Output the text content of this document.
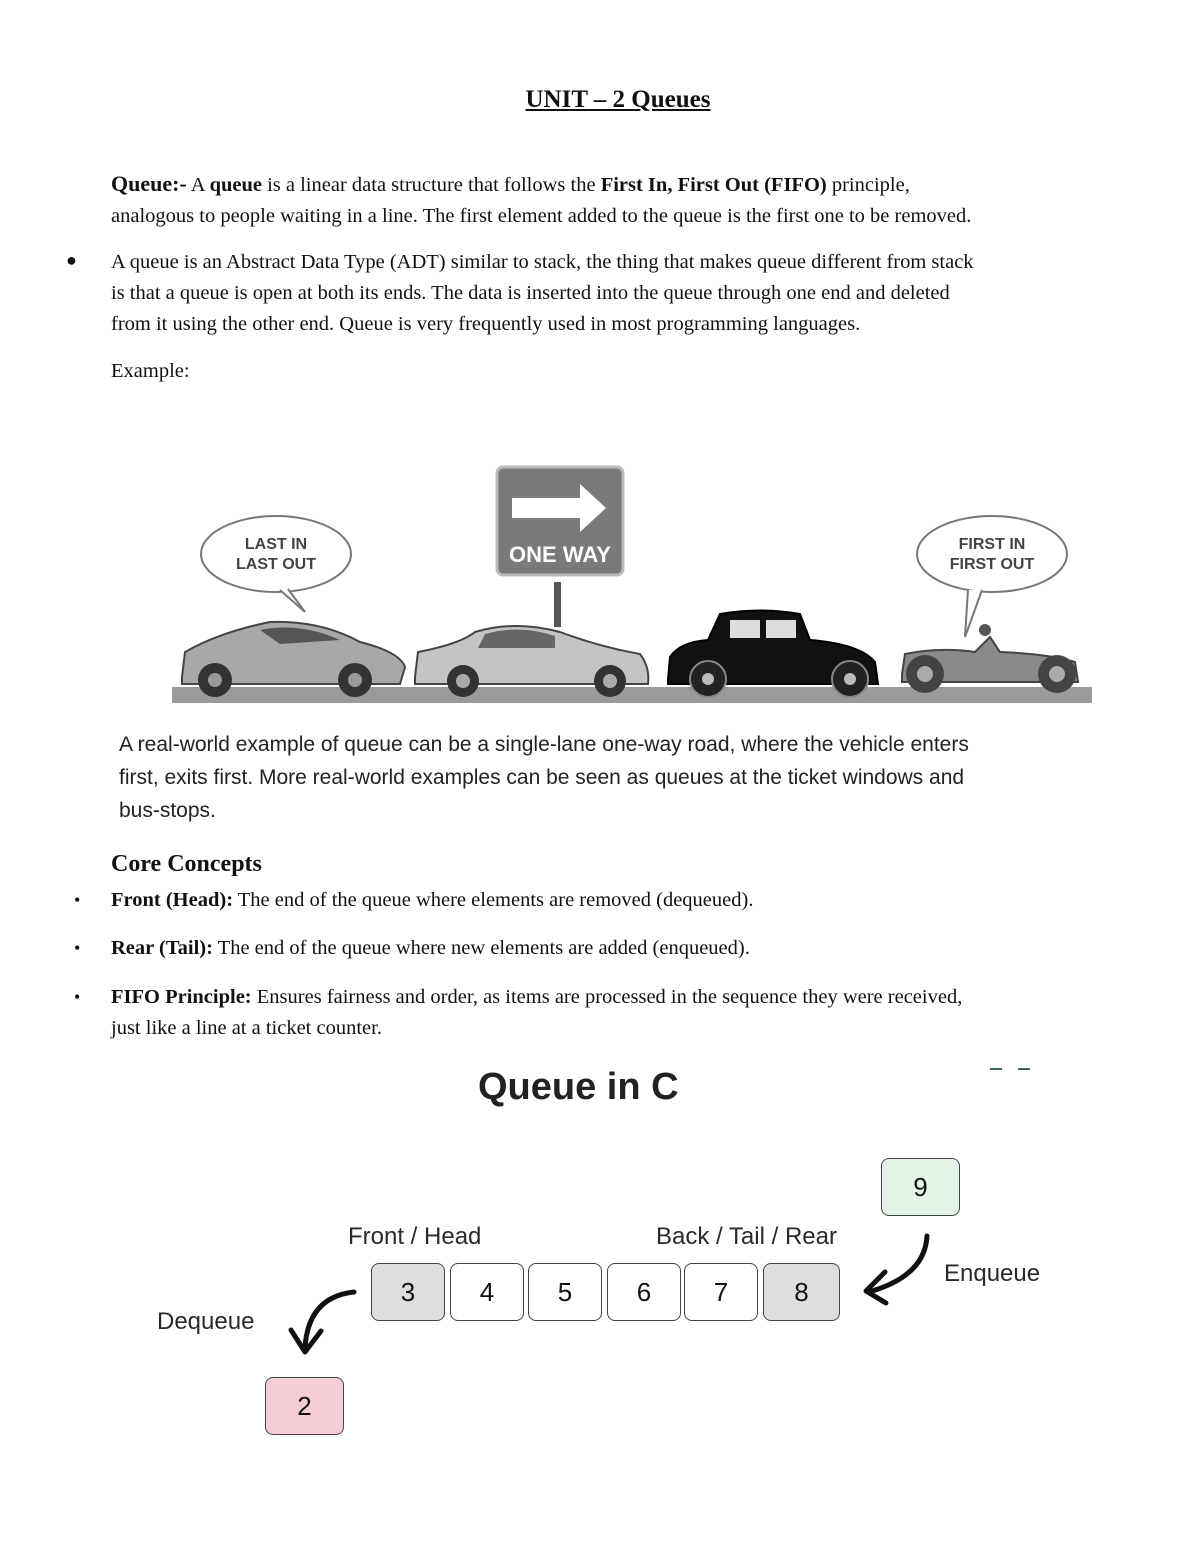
UNIT – 2 Queues
Queue:- A queue is a linear data structure that follows the First In, First Out (FIFO) principle,
analogous to people waiting in a line. The first element added to the queue is the first one to be removed.
● A queue is an Abstract Data Type (ADT) similar to stack, the thing that makes queue different from stack
is that a queue is open at both its ends. The data is inserted into the queue through one end and deleted
from it using the other end. Queue is very frequently used in most programming languages.
Example:
LAST IN
LAST OUT
FIRST IN
FIRST OUT
ONE WAY
A real-world example of queue can be a single-lane one-way road, where the vehicle enters
first, exits first. More real-world examples can be seen as queues at the ticket windows and
bus-stops.
Core Concepts
• Front (Head): The end of the queue where elements are removed (dequeued).
• Rear (Tail): The end of the queue where new elements are added (enqueued).
• FIFO Principle: Ensures fairness and order, as items are processed in the sequence they were received,
just like a line at a ticket counter.
Queue in C
Front / Head	Back / Tail / Rear
Enqueue
Dequeue
3	4	5	6	7	8
9
2
